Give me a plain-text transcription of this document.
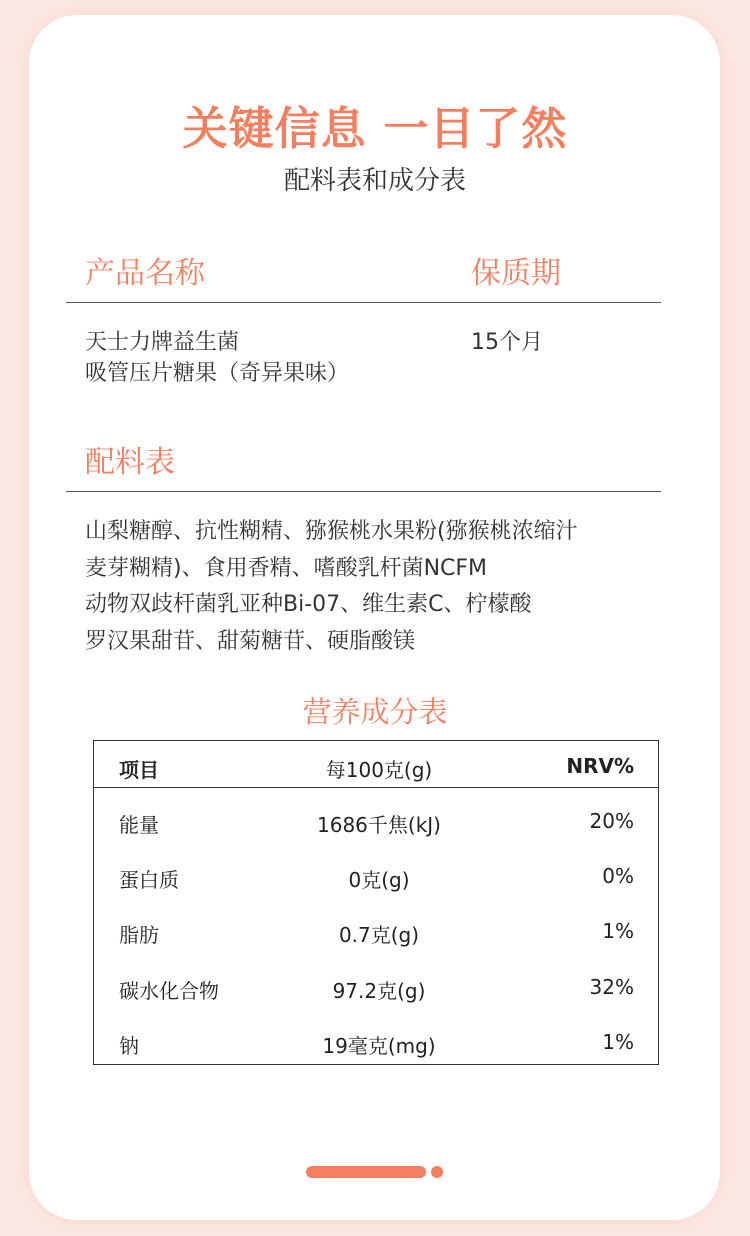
关键信息 一目了然
配料表和成分表
产品名称	保质期
天士力牌益生菌
吸管压片糖果（奇异果味）
15个月
配料表
山梨糖醇、抗性糊精、猕猴桃水果粉(猕猴桃浓缩汁
麦芽糊精)、食用香精、嗜酸乳杆菌NCFM
动物双歧杆菌乳亚种Bi-07、维生素C、柠檬酸
罗汉果甜苷、甜菊糖苷、硬脂酸镁
营养成分表
项目	每100克(g)	NRV%
能量	1686千焦(kJ)	20%
蛋白质	0克(g)	0%
脂肪	0.7克(g)	1%
碳水化合物	97.2克(g)	32%
钠	19毫克(mg)	1%
